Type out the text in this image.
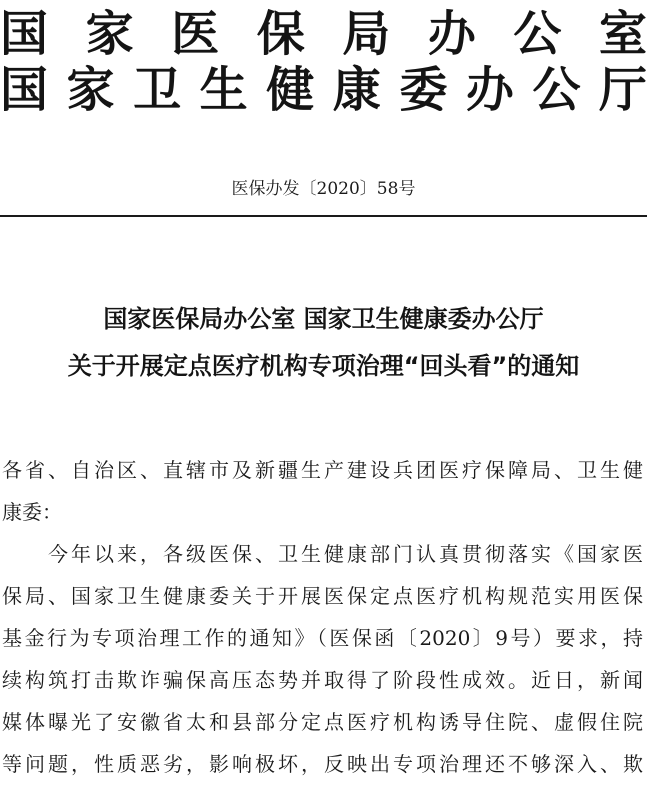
国 家 医 保 局 办 公 室
国 家 卫 生 健 康 委 办 公 厅
医保办发〔2020〕58号
国家医保局办公室 国家卫生健康委办公厅
关于开展定点医疗机构专项治理“回头看”的通知
各省、自治区、直辖市及新疆生产建设兵团医疗保障局、卫生健
康委：
　　今年以来，各级医保、卫生健康部门认真贯彻落实《国家医
保局、国家卫生健康委关于开展医保定点医疗机构规范实用医保
基金行为专项治理工作的通知》（医保函〔2020〕9号）要求，持
续构筑打击欺诈骗保高压态势并取得了阶段性成效。近日，新闻
媒体曝光了安徽省太和县部分定点医疗机构诱导住院、虚假住院
等问题，性质恶劣，影响极坏，反映出专项治理还不够深入、欺
